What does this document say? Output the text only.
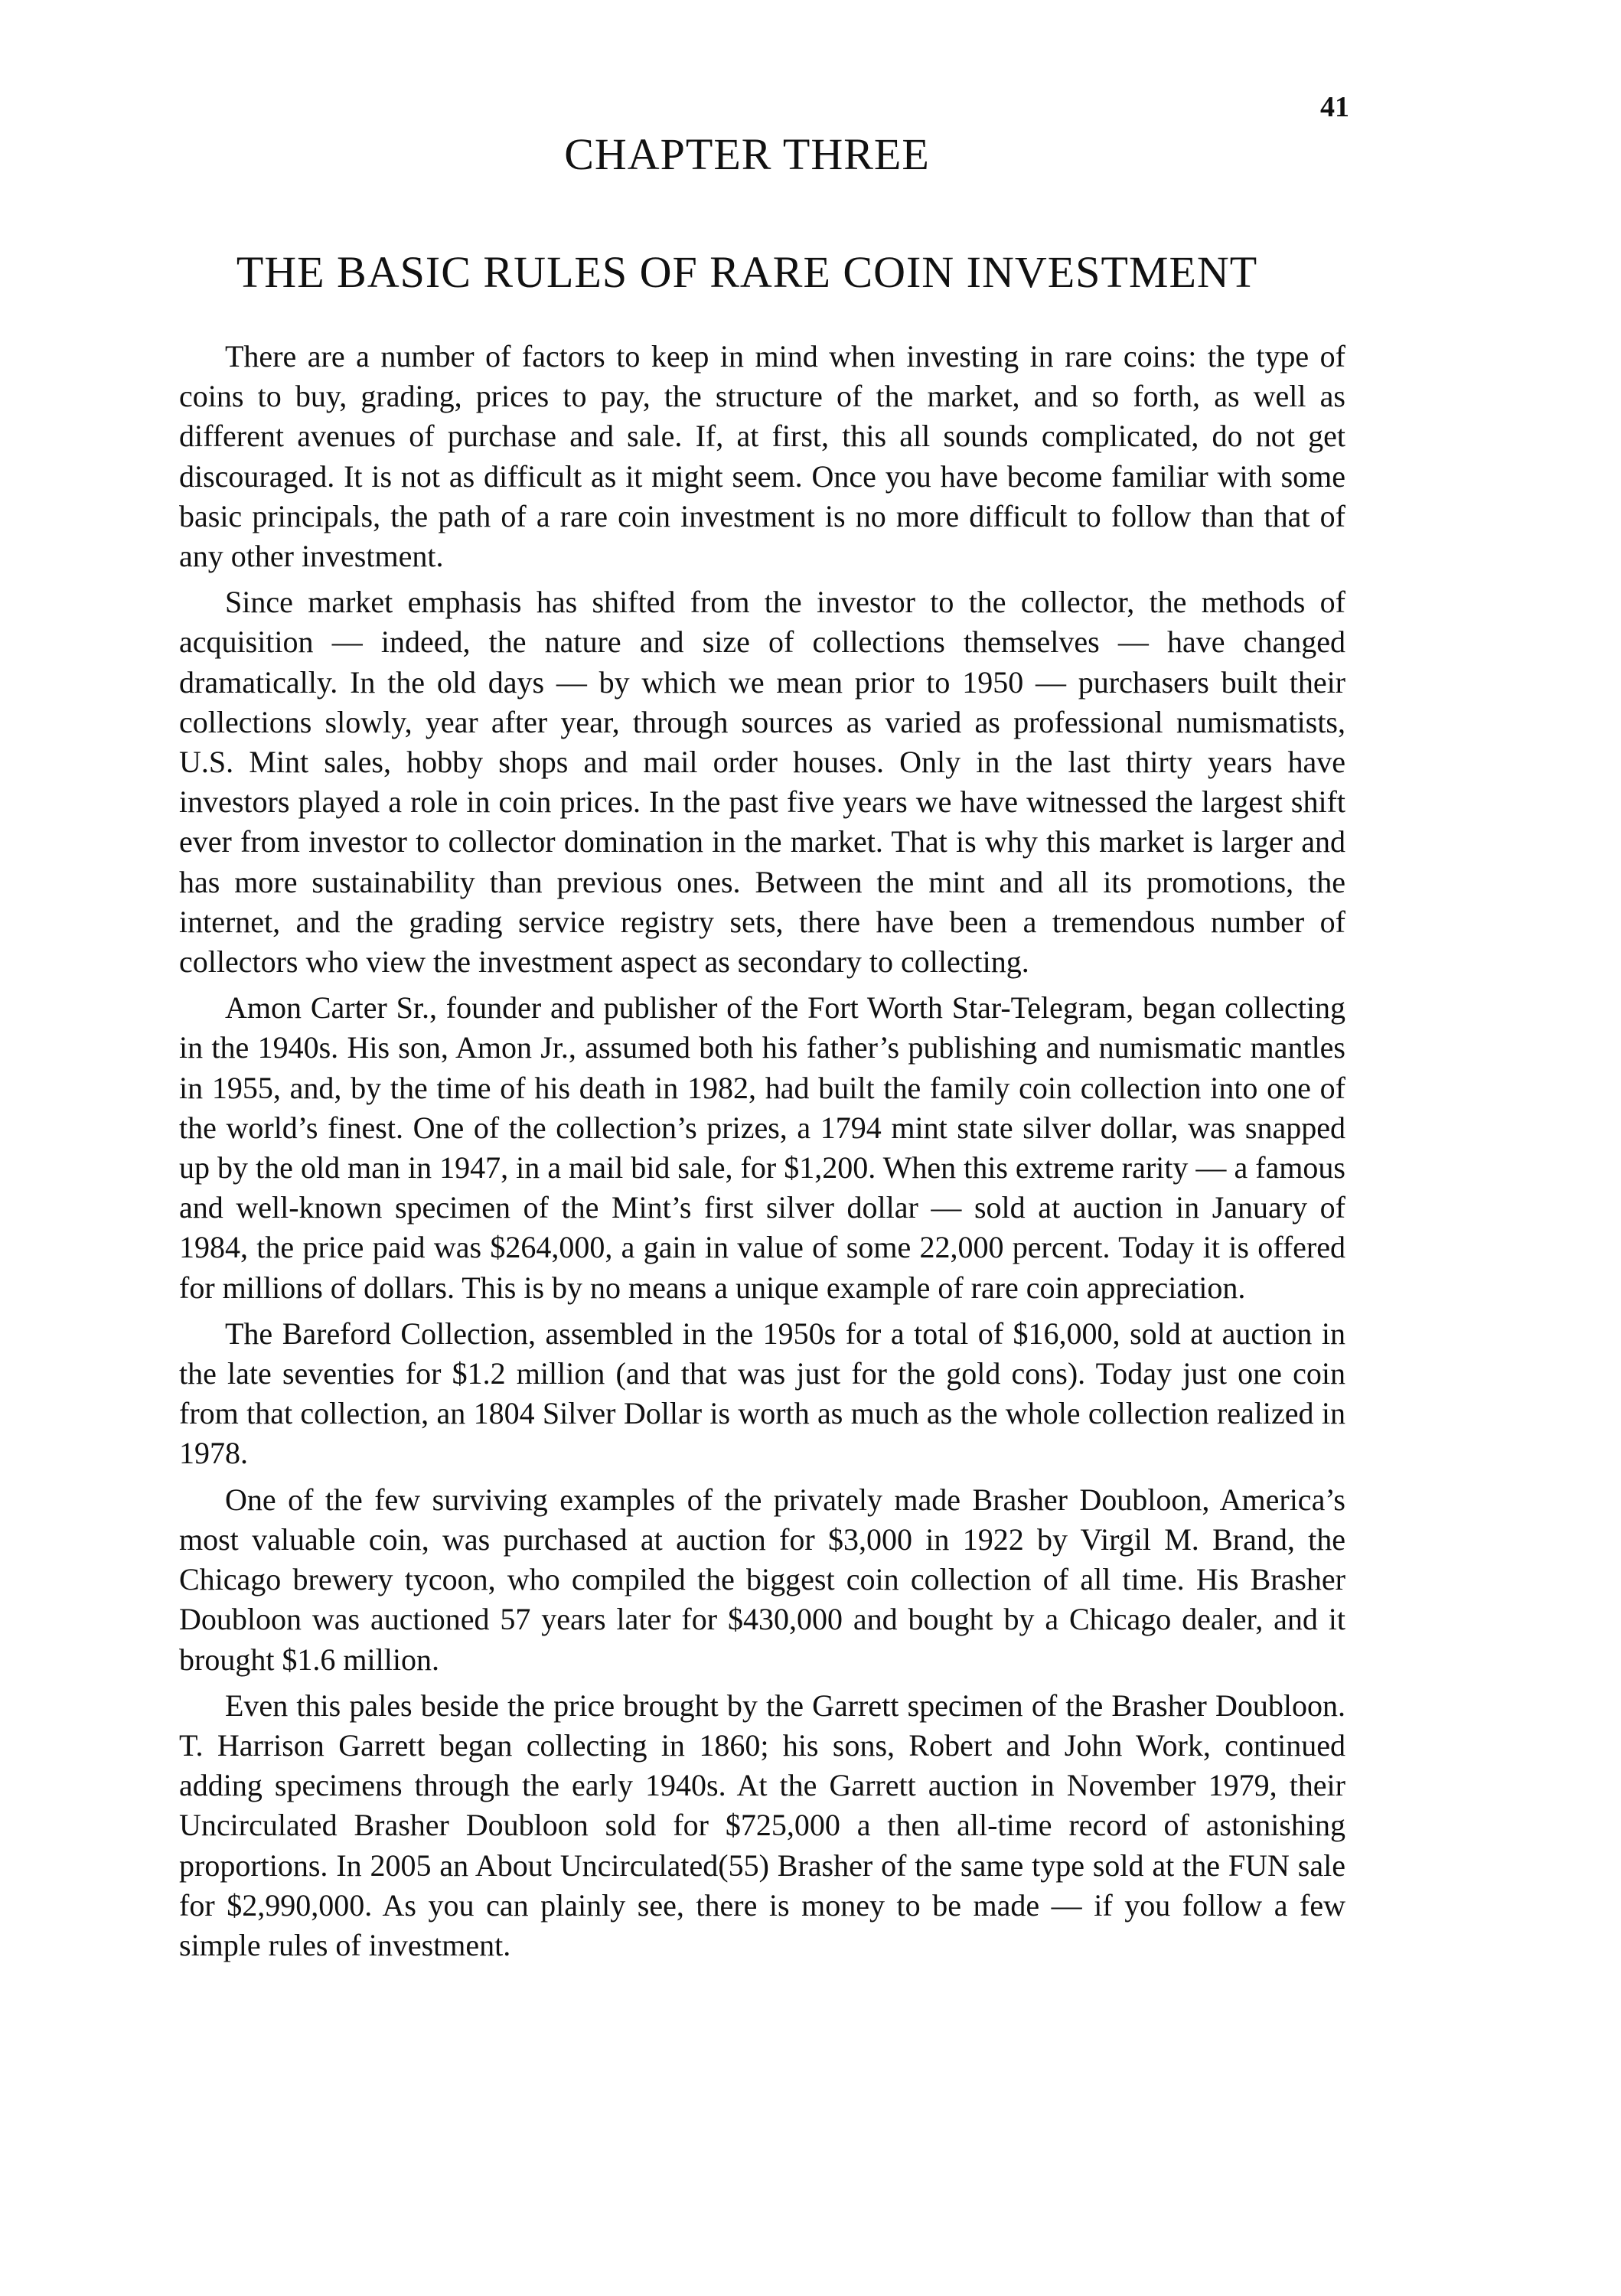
41

CHAPTER THREE
THE BASIC RULES OF RARE COIN INVESTMENT

There are a number of factors to keep in mind when investing in rare coins: the type of coins to buy, grading, prices to pay, the structure of the market, and so forth, as well as different avenues of purchase and sale. If, at first, this all sounds complicated, do not get discouraged. It is not as difficult as it might seem. Once you have become familiar with some basic principals, the path of a rare coin investment is no more difficult to follow than that of any other investment.

Since market emphasis has shifted from the investor to the collector, the methods of acquisition — indeed, the nature and size of collections themselves — have changed dramatically. In the old days — by which we mean prior to 1950 — purchasers built their collections slowly, year after year, through sources as varied as professional numismatists, U.S. Mint sales, hobby shops and mail order houses. Only in the last thirty years have investors played a role in coin prices. In the past five years we have witnessed the largest shift ever from investor to collector domination in the market. That is why this market is larger and has more sustainability than previous ones. Between the mint and all its promotions, the internet, and the grading service registry sets, there have been a tremendous number of collectors who view the investment aspect as secondary to collecting.

Amon Carter Sr., founder and publisher of the Fort Worth Star-Telegram, began collecting in the 1940s. His son, Amon Jr., assumed both his father’s publishing and numismatic mantles in 1955, and, by the time of his death in 1982, had built the family coin collection into one of the world’s finest. One of the collection’s prizes, a 1794 mint state silver dollar, was snapped up by the old man in 1947, in a mail bid sale, for $1,200. When this extreme rarity — a famous and well-known specimen of the Mint’s first silver dollar — sold at auction in January of 1984, the price paid was $264,000, a gain in value of some 22,000 percent. Today it is offered for millions of dollars. This is by no means a unique example of rare coin appreciation.

The Bareford Collection, assembled in the 1950s for a total of $16,000, sold at auction in the late seventies for $1.2 million (and that was just for the gold cons). Today just one coin from that collection, an 1804 Silver Dollar is worth as much as the whole collection realized in 1978.

One of the few surviving examples of the privately made Brasher Doubloon, America’s most valuable coin, was purchased at auction for $3,000 in 1922 by Virgil M. Brand, the Chicago brewery tycoon, who compiled the biggest coin collection of all time. His Brasher Doubloon was auctioned 57 years later for $430,000 and bought by a Chicago dealer, and it brought $1.6 million.

Even this pales beside the price brought by the Garrett specimen of the Brasher Doubloon. T. Harrison Garrett began collecting in 1860; his sons, Robert and John Work, continued adding specimens through the early 1940s. At the Garrett auction in November 1979, their Uncirculated Brasher Doubloon sold for $725,000 a then all-time record of astonishing proportions. In 2005 an About Uncirculated(55) Brasher of the same type sold at the FUN sale for $2,990,000. As you can plainly see, there is money to be made — if you follow a few simple rules of investment.
